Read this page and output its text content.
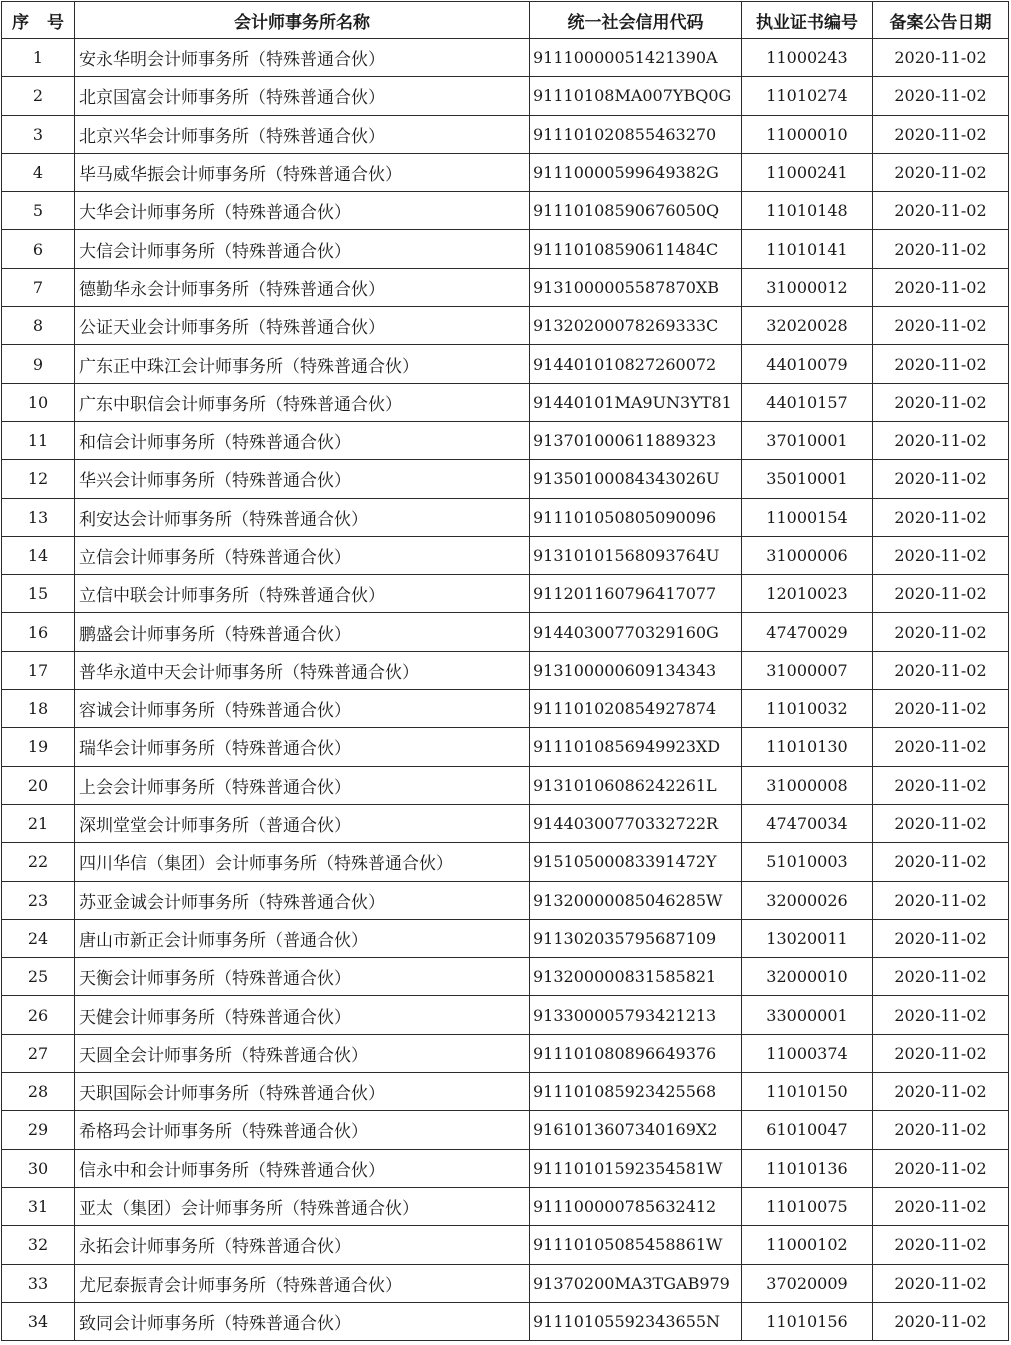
序 号	会计师事务所名称	统一社会信用代码	执业证书编号	备案公告日期
1	安永华明会计师事务所（特殊普通合伙）	91110000051421390A	11000243	2020-11-02
2	北京国富会计师事务所（特殊普通合伙）	91110108MA007YBQ0G	11010274	2020-11-02
3	北京兴华会计师事务所（特殊普通合伙）	911101020855463270	11000010	2020-11-02
4	毕马威华振会计师事务所（特殊普通合伙）	91110000599649382G	11000241	2020-11-02
5	大华会计师事务所（特殊普通合伙）	91110108590676050Q	11010148	2020-11-02
6	大信会计师事务所（特殊普通合伙）	91110108590611484C	11010141	2020-11-02
7	德勤华永会计师事务所（特殊普通合伙）	9131000005587870XB	31000012	2020-11-02
8	公证天业会计师事务所（特殊普通合伙）	91320200078269333C	32020028	2020-11-02
9	广东正中珠江会计师事务所（特殊普通合伙）	914401010827260072	44010079	2020-11-02
10	广东中职信会计师事务所（特殊普通合伙）	91440101MA9UN3YT81	44010157	2020-11-02
11	和信会计师事务所（特殊普通合伙）	913701000611889323	37010001	2020-11-02
12	华兴会计师事务所（特殊普通合伙）	91350100084343026U	35010001	2020-11-02
13	利安达会计师事务所（特殊普通合伙）	911101050805090096	11000154	2020-11-02
14	立信会计师事务所（特殊普通合伙）	91310101568093764U	31000006	2020-11-02
15	立信中联会计师事务所（特殊普通合伙）	911201160796417077	12010023	2020-11-02
16	鹏盛会计师事务所（特殊普通合伙）	91440300770329160G	47470029	2020-11-02
17	普华永道中天会计师事务所（特殊普通合伙）	913100000609134343	31000007	2020-11-02
18	容诚会计师事务所（特殊普通合伙）	911101020854927874	11010032	2020-11-02
19	瑞华会计师事务所（特殊普通合伙）	9111010856949923XD	11010130	2020-11-02
20	上会会计师事务所（特殊普通合伙）	91310106086242261L	31000008	2020-11-02
21	深圳堂堂会计师事务所（普通合伙）	91440300770332722R	47470034	2020-11-02
22	四川华信（集团）会计师事务所（特殊普通合伙）	91510500083391472Y	51010003	2020-11-02
23	苏亚金诚会计师事务所（特殊普通合伙）	91320000085046285W	32000026	2020-11-02
24	唐山市新正会计师事务所（普通合伙）	911302035795687109	13020011	2020-11-02
25	天衡会计师事务所（特殊普通合伙）	913200000831585821	32000010	2020-11-02
26	天健会计师事务所（特殊普通合伙）	913300005793421213	33000001	2020-11-02
27	天圆全会计师事务所（特殊普通合伙）	911101080896649376	11000374	2020-11-02
28	天职国际会计师事务所（特殊普通合伙）	911101085923425568	11010150	2020-11-02
29	希格玛会计师事务所（特殊普通合伙）	9161013607340169X2	61010047	2020-11-02
30	信永中和会计师事务所（特殊普通合伙）	91110101592354581W	11010136	2020-11-02
31	亚太（集团）会计师事务所（特殊普通合伙）	911100000785632412	11010075	2020-11-02
32	永拓会计师事务所（特殊普通合伙）	91110105085458861W	11000102	2020-11-02
33	尤尼泰振青会计师事务所（特殊普通合伙）	91370200MA3TGAB979	37020009	2020-11-02
34	致同会计师事务所（特殊普通合伙）	91110105592343655N	11010156	2020-11-02
